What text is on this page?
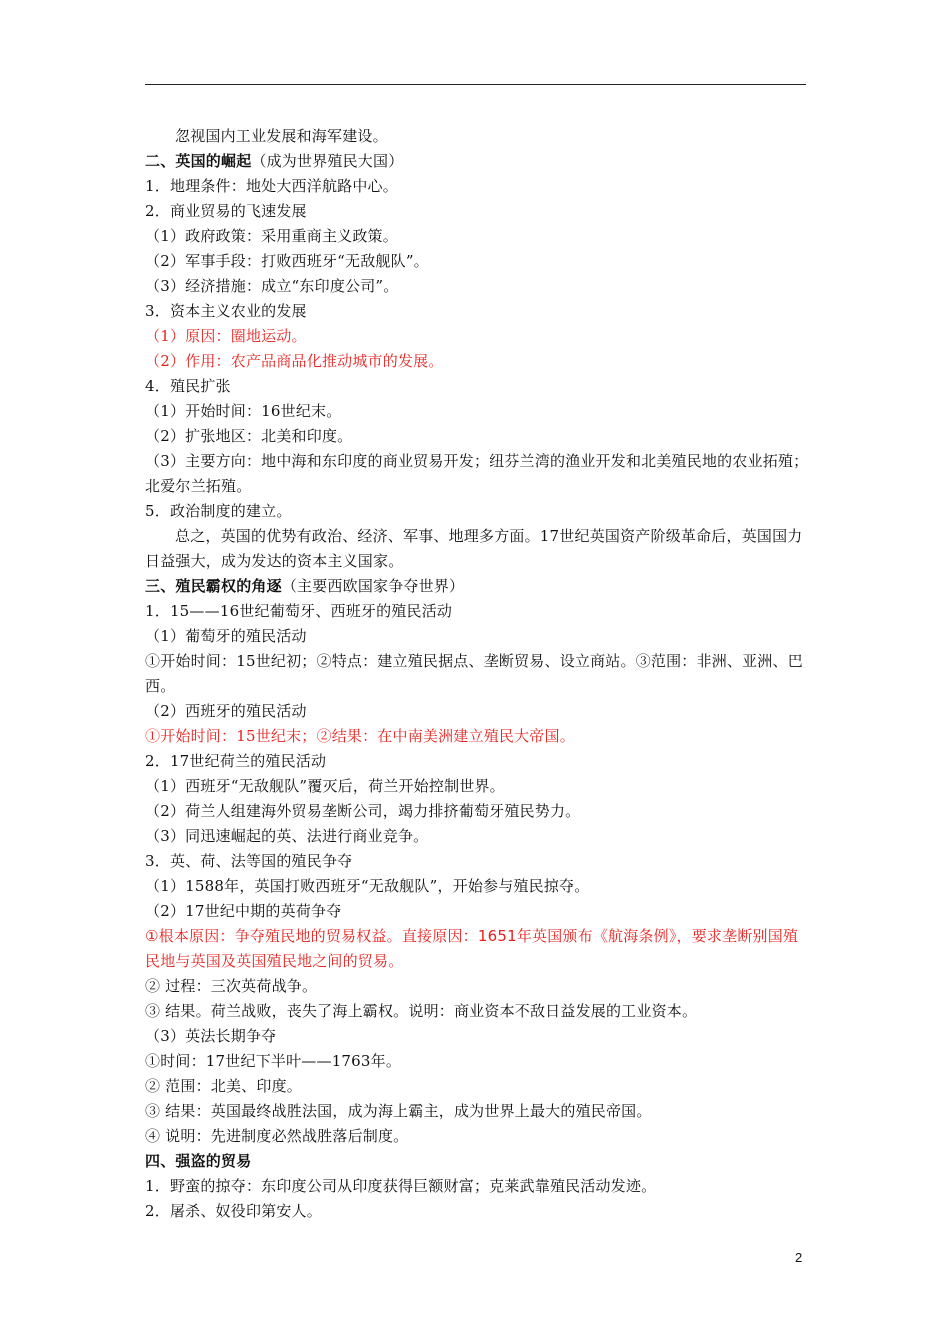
忽视国内工业发展和海军建设。
二、英国的崛起（成为世界殖民大国）
1．地理条件：地处大西洋航路中心。
2．商业贸易的飞速发展
（1）政府政策：采用重商主义政策。
（2）军事手段：打败西班牙“无敌舰队”。
（3）经济措施：成立“东印度公司”。
3．资本主义农业的发展
（1）原因：圈地运动。
（2）作用：农产品商品化推动城市的发展。
4．殖民扩张
（1）开始时间：16世纪末。
（2）扩张地区：北美和印度。
（3）主要方向：地中海和东印度的商业贸易开发；纽芬兰湾的渔业开发和北美殖民地的农业拓殖；北爱尔兰拓殖。
5．政治制度的建立。
总之，英国的优势有政治、经济、军事、地理多方面。17世纪英国资产阶级革命后，英国国力日益强大，成为发达的资本主义国家。
三、殖民霸权的角逐（主要西欧国家争夺世界）
1．15——16世纪葡萄牙、西班牙的殖民活动
（1）葡萄牙的殖民活动
①开始时间：15世纪初；②特点：建立殖民据点、垄断贸易、设立商站。③范围：非洲、亚洲、巴西。
（2）西班牙的殖民活动
①开始时间：15世纪末；②结果：在中南美洲建立殖民大帝国。
2．17世纪荷兰的殖民活动
（1）西班牙“无敌舰队”覆灭后，荷兰开始控制世界。
（2）荷兰人组建海外贸易垄断公司，竭力排挤葡萄牙殖民势力。
（3）同迅速崛起的英、法进行商业竞争。
3．英、荷、法等国的殖民争夺
（1）1588年，英国打败西班牙“无敌舰队”，开始参与殖民掠夺。
（2）17世纪中期的英荷争夺
①根本原因：争夺殖民地的贸易权益。直接原因：1651年英国颁布《航海条例》，要求垄断别国殖民地与英国及英国殖民地之间的贸易。
② 过程：三次英荷战争。
③ 结果。荷兰战败，丧失了海上霸权。说明：商业资本不敌日益发展的工业资本。
（3）英法长期争夺
①时间：17世纪下半叶——1763年。
② 范围：北美、印度。
③ 结果：英国最终战胜法国，成为海上霸主，成为世界上最大的殖民帝国。
④ 说明：先进制度必然战胜落后制度。
四、强盗的贸易
1．野蛮的掠夺：东印度公司从印度获得巨额财富；克莱武靠殖民活动发迹。
2．屠杀、奴役印第安人。
2
